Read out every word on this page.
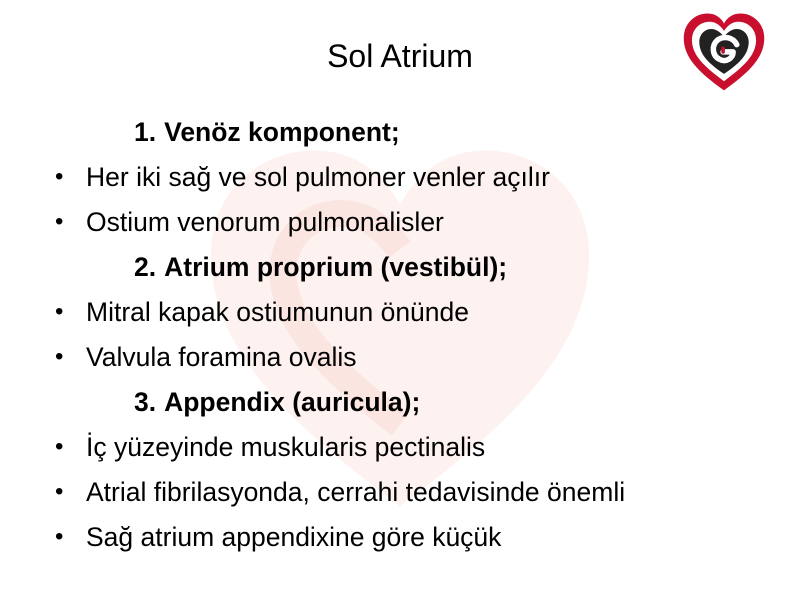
Sol Atrium
1. Venöz komponent;
• Her iki sağ ve sol pulmoner venler açılır
• Ostium venorum pulmonalisler
2. Atrium proprium (vestibül);
• Mitral kapak ostiumunun önünde
• Valvula foramina ovalis
3. Appendix (auricula);
• İç yüzeyinde muskularis pectinalis
• Atrial fibrilasyonda, cerrahi tedavisinde önemli
• Sağ atrium appendixine göre küçük
